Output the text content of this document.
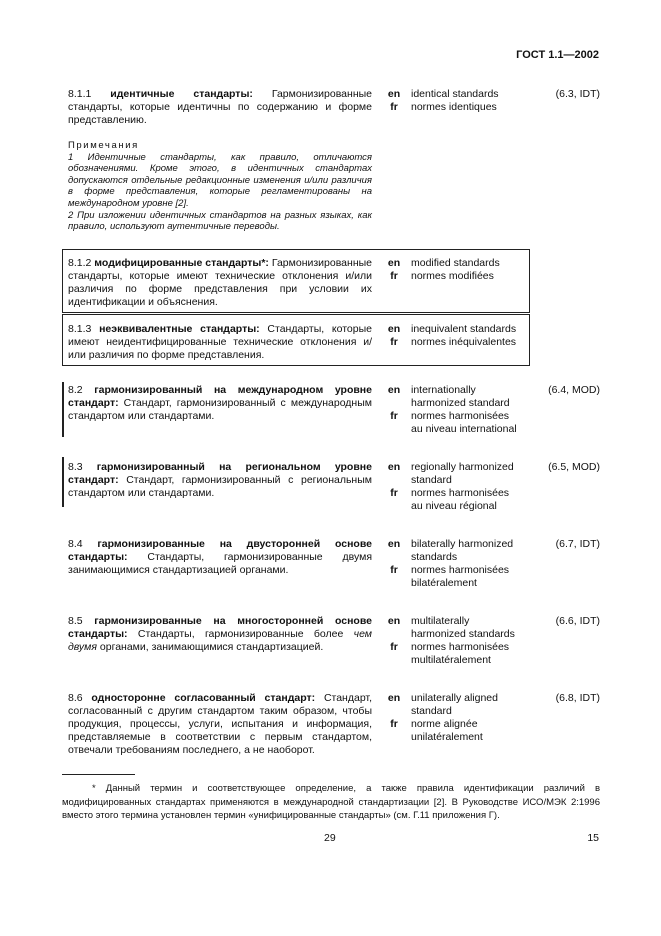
ГОСТ 1.1—2002
8.1.1 идентичные стандарты: Гармонизированные стандарты, которые идентичны по содержанию и форме представлению.
en
fr
identical standards
normes identiques
(6.3, IDT)
Примечания
1 Идентичные стандарты, как правило, отличаются обозначениями. Кроме этого, в идентичных стандартах допускаются отдельные редакционные изменения и/или различия в форме представления, которые регламентированы на международном уровне [2].
2 При изложении идентичных стандартов на разных языках, как правило, используют аутентичные переводы.
8.1.2 модифицированные стандарты*: Гармонизированные стандарты, которые имеют технические отклонения и/или различия по форме представления при условии их идентификации и объяснения.
en
fr
modified standards
normes modifiées
8.1.3 неэквивалентные стандарты: Стандарты, которые имеют неидентифицированные технические отклонения и/или различия по форме представления.
en
fr
inequivalent standards
normes inéquivalentes
8.2 гармонизированный на международном уровне стандарт: Стандарт, гармонизированный с международным стандартом или стандартами.
en
fr
internationally harmonized standard
normes harmonisées au niveau international
(6.4, MOD)
8.3 гармонизированный на региональном уровне стандарт: Стандарт, гармонизированный с региональным стандартом или стандартами.
en
fr
regionally harmonized standard
normes harmonisées au niveau régional
(6.5, MOD)
8.4 гармонизированные на двусторонней основе стандарты: Стандарты, гармонизированные двумя занимающимися стандартизацией органами.
en
fr
bilaterally harmonized standards
normes harmonisées bilatéralement
(6.7, IDT)
8.5 гармонизированные на многосторонней основе стандарты: Стандарты, гармонизированные более чем двумя органами, занимающимися стандартизацией.
en
fr
multilaterally harmonized standards
normes harmonisées multilatéralement
(6.6, IDT)
8.6 односторонне согласованный стандарт: Стандарт, согласованный с другим стандартом таким образом, чтобы продукция, процессы, услуги, испытания и информация, представляемые в соответствии с первым стандартом, отвечали требованиям последнего, а не наоборот.
en
fr
unilaterally aligned standard
norme alignée unilatéralement
(6.8, IDT)
* Данный термин и соответствующее определение, а также правила идентификации различий в модифицированных стандартах применяются в международной стандартизации [2]. В Руководстве ИСО/МЭК 2:1996 вместо этого термина установлен термин «унифицированные стандарты» (см. Г.11 приложения Г).
29	15
